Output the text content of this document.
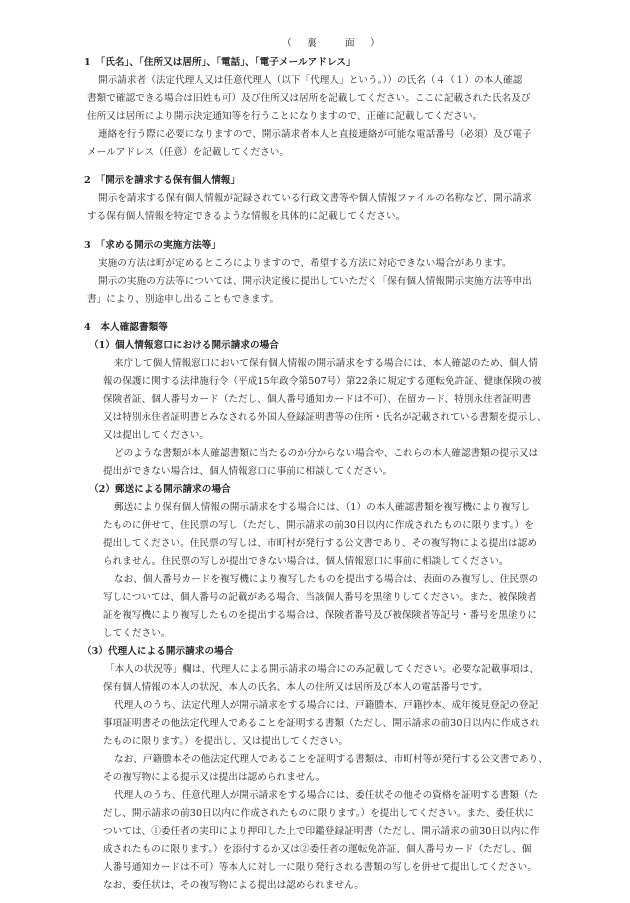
（　裏　　面　）

1　「氏名」、「住所又は居所」、「電話」、「電子メールアドレス」

開示請求者（法定代理人又は任意代理人（以下「代理人」という。））の氏名（４（１）の本人確認

書類で確認できる場合は旧姓も可）及び住所又は居所を記載してください。ここに記載された氏名及び

住所又は居所により開示決定通知等を行うことになりますので、正確に記載してください。

連絡を行う際に必要になりますので、開示請求者本人と直接連絡が可能な電話番号（必須）及び電子

メールアドレス（任意）を記載してください。

2　「開示を請求する保有個人情報」

開示を請求する保有個人情報が記録されている行政文書等や個人情報ファイルの名称など、開示請求

する保有個人情報を特定できるような情報を具体的に記載してください。

3　「求める開示の実施方法等」

実施の方法は町が定めるところによりますので、希望する方法に対応できない場合があります。

開示の実施の方法等については、開示決定後に提出していただく「保有個人情報開示実施方法等申出

書」により、別途申し出ることもできます。

4　本人確認書類等

（1）個人情報窓口における開示請求の場合

来庁して個人情報窓口において保有個人情報の開示請求をする場合には、本人確認のため、個人情

報の保護に関する法律施行令（平成15年政令第507号）第22条に規定する運転免許証、健康保険の被

保険者証、個人番号カード（ただし、個人番号通知カードは不可）、在留カード、特別永住者証明書

又は特別永住者証明書とみなされる外国人登録証明書等の住所・氏名が記載されている書類を提示し、

又は提出してください。

どのような書類が本人確認書類に当たるのか分からない場合や、これらの本人確認書類の提示又は

提出ができない場合は、個人情報窓口に事前に相談してください。

（2）郵送による開示請求の場合

郵送により保有個人情報の開示請求をする場合には、（1）の本人確認書類を複写機により複写し

たものに併せて、住民票の写し（ただし、開示請求の前30日以内に作成されたものに限ります。）を

提出してください。住民票の写しは、市町村が発行する公文書であり、その複写物による提出は認め

られません。住民票の写しが提出できない場合は、個人情報窓口に事前に相談してください。

なお、個人番号カードを複写機により複写したものを提出する場合は、表面のみ複写し、住民票の

写しについては、個人番号の記載がある場合、当該個人番号を黒塗りしてください。また、被保険者

証を複写機により複写したものを提出する場合は、保険者番号及び被保険者等記号・番号を黒塗りに

してください。

（3）代理人による開示請求の場合

「本人の状況等」欄は、代理人による開示請求の場合にのみ記載してください。必要な記載事項は、

保有個人情報の本人の状況、本人の氏名、本人の住所又は居所及び本人の電話番号です。

代理人のうち、法定代理人が開示請求をする場合には、戸籍謄本、戸籍抄本、成年後見登記の登記

事項証明書その他法定代理人であることを証明する書類（ただし、開示請求の前30日以内に作成され

たものに限ります。）を提出し、又は提出してください。

なお、戸籍謄本その他法定代理人であることを証明する書類は、市町村等が発行する公文書であり、

その複写物による提示又は提出は認められません。

代理人のうち、任意代理人が開示請求をする場合には、委任状その他その資格を証明する書類（た

だし、開示請求の前30日以内に作成されたものに限ります。）を提出してください。また、委任状に

ついては、①委任者の実印により押印した上で印鑑登録証明書（ただし、開示請求の前30日以内に作

成されたものに限ります。）を添付するか又は②委任者の運転免許証、個人番号カード（ただし、個

人番号通知カードは不可）等本人に対し一に限り発行される書類の写しを併せて提出してください。

なお、委任状は、その複写物による提出は認められません。
